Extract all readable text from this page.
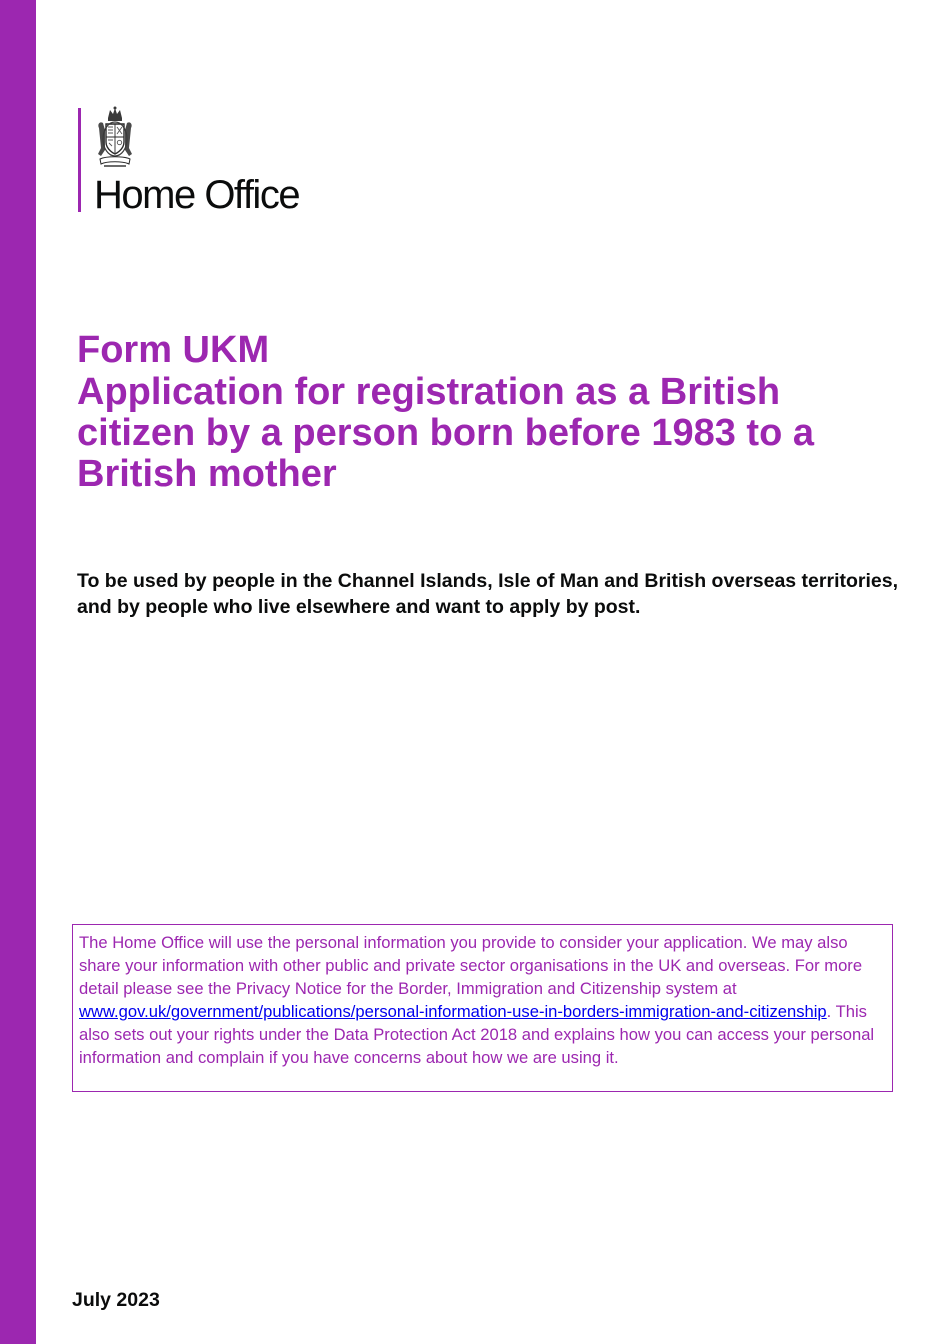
Home Office
Form UKM
Application for registration as a British citizen by a person born before 1983 to a British mother

To be used by people in the Channel Islands, Isle of Man and British overseas territories, and by people who live elsewhere and want to apply by post.

The Home Office will use the personal information you provide to consider your application. We may also share your information with other public and private sector organisations in the UK and overseas. For more detail please see the Privacy Notice for the Border, Immigration and Citizenship system at www.gov.uk/government/publications/personal-information-use-in-borders-immigration-and-citizenship. This also sets out your rights under the Data Protection Act 2018 and explains how you can access your personal information and complain if you have concerns about how we are using it.

July 2023
